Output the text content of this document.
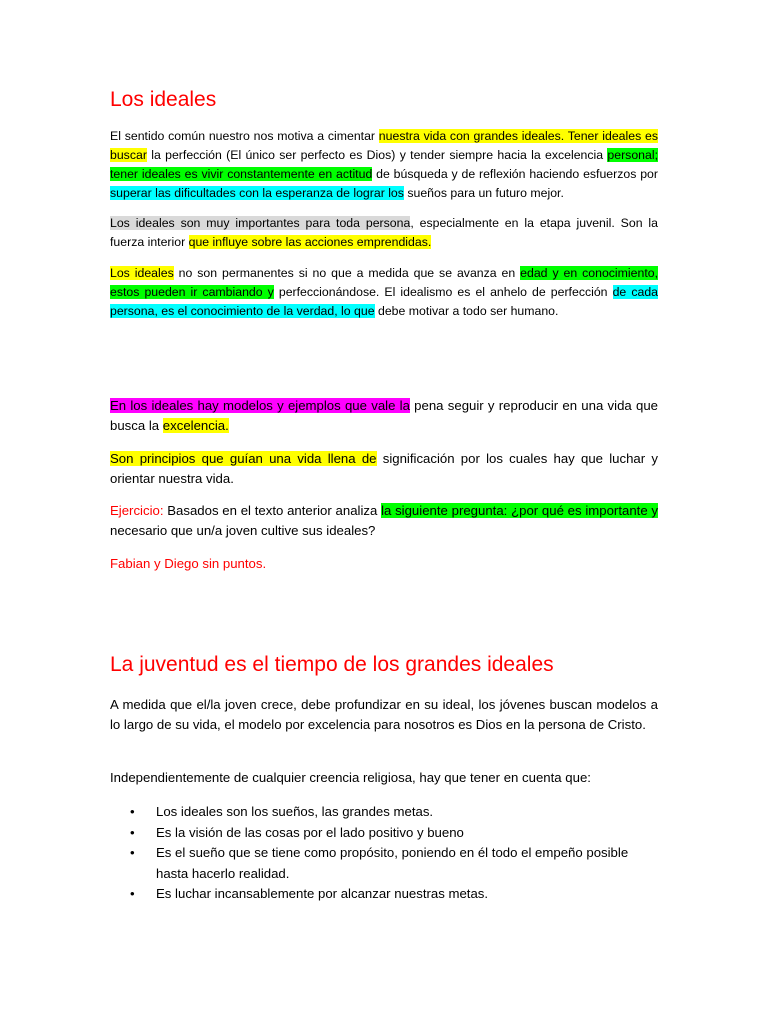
Los ideales

El sentido común nuestro nos motiva a cimentar nuestra vida con grandes ideales. Tener ideales es buscar la perfección (El único ser perfecto es Dios) y tender siempre hacia la excelencia personal; tener ideales es vivir constantemente en actitud de búsqueda y de reflexión haciendo esfuerzos por superar las dificultades con la esperanza de lograr los sueños para un futuro mejor.

Los ideales son muy importantes para toda persona, especialmente en la etapa juvenil. Son la fuerza interior que influye sobre las acciones emprendidas.

Los ideales no son permanentes si no que a medida que se avanza en edad y en conocimiento, estos pueden ir cambiando y perfeccionándose. El idealismo es el anhelo de perfección de cada persona, es el conocimiento de la verdad, lo que debe motivar a todo ser humano.

En los ideales hay modelos y ejemplos que vale la pena seguir y reproducir en una vida que busca la excelencia.

Son principios que guían una vida llena de significación por los cuales hay que luchar y orientar nuestra vida.

Ejercicio: Basados en el texto anterior analiza la siguiente pregunta: ¿por qué es importante y necesario que un/a joven cultive sus ideales?

Fabian y Diego sin puntos.

La juventud es el tiempo de los grandes ideales

A medida que el/la joven crece, debe profundizar en su ideal, los jóvenes buscan modelos a lo largo de su vida, el modelo por excelencia para nosotros es Dios en la persona de Cristo.

Independientemente de cualquier creencia religiosa, hay que tener en cuenta que:

• Los ideales son los sueños, las grandes metas.
• Es la visión de las cosas por el lado positivo y bueno
• Es el sueño que se tiene como propósito, poniendo en él todo el empeño posible hasta hacerlo realidad.
• Es luchar incansablemente por alcanzar nuestras metas.
